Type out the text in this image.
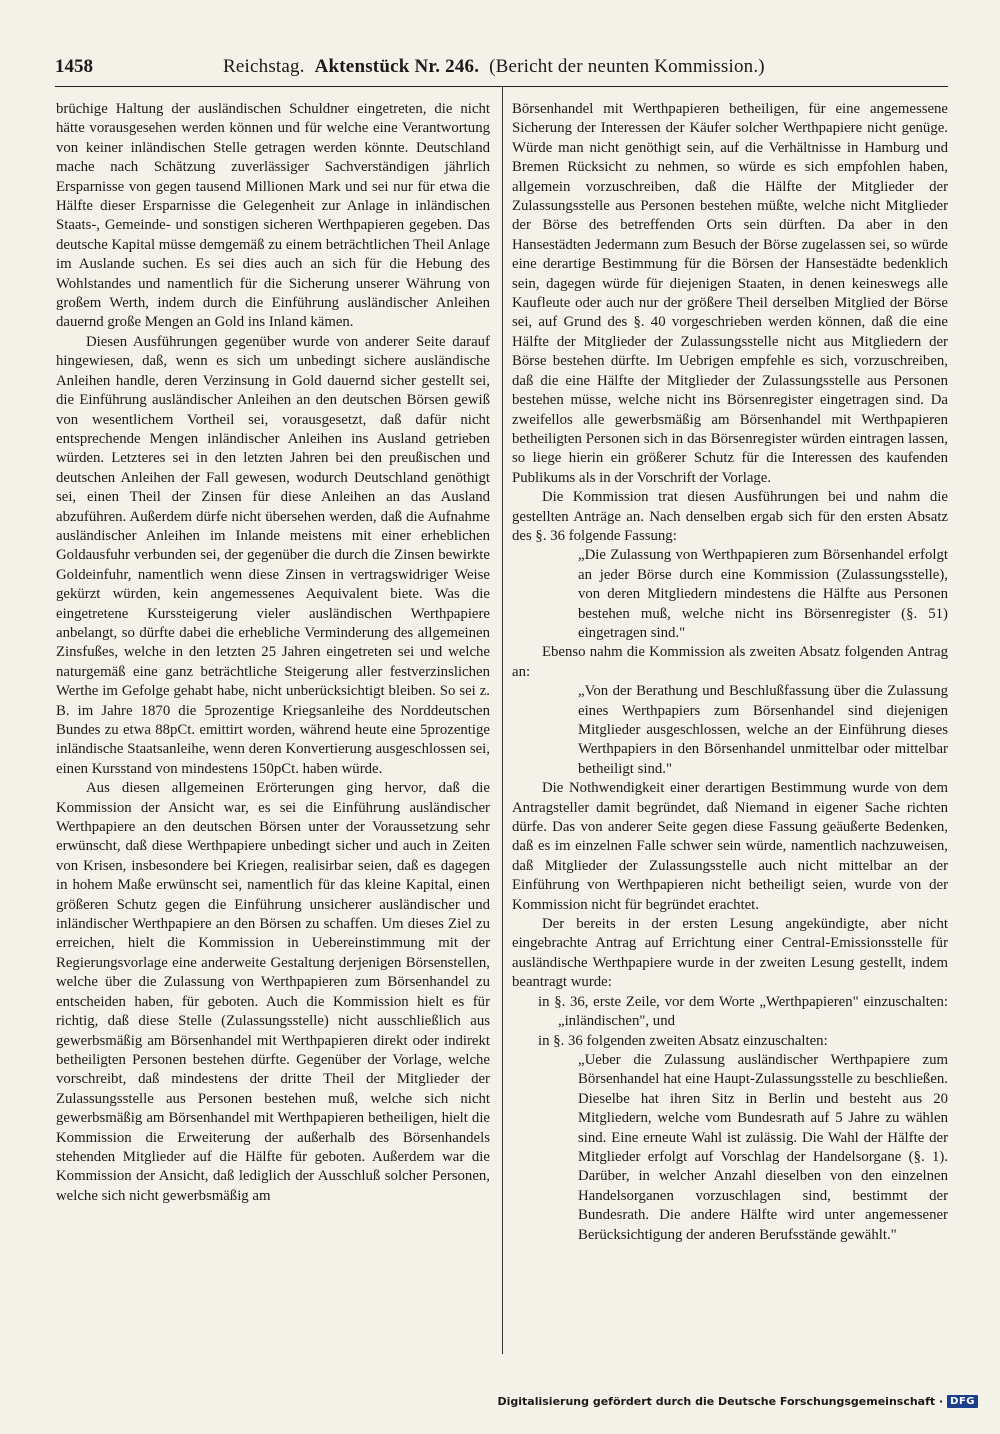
1458	Reichstag. Aktenstück Nr. 246. (Bericht der neunten Kommission.)

brüchige Haltung der ausländischen Schuldner eingetreten, die nicht hätte vorausgesehen werden können und für welche eine Verantwortung von keiner inländischen Stelle getragen werden könnte. Deutschland mache nach Schätzung zuverlässiger Sachverständigen jährlich Ersparnisse von gegen tausend Millionen Mark und sei nur für etwa die Hälfte dieser Ersparnisse die Gelegenheit zur Anlage in inländischen Staats-, Gemeinde- und sonstigen sicheren Werthpapieren gegeben. Das deutsche Kapital müsse demgemäß zu einem beträchtlichen Theil Anlage im Auslande suchen. Es sei dies auch an sich für die Hebung des Wohlstandes und namentlich für die Sicherung unserer Währung von großem Werth, indem durch die Einführung ausländischer Anleihen dauernd große Mengen an Gold ins Inland kämen.

Diesen Ausführungen gegenüber wurde von anderer Seite darauf hingewiesen, daß, wenn es sich um unbedingt sichere ausländische Anleihen handle, deren Verzinsung in Gold dauernd sicher gestellt sei, die Einführung ausländischer Anleihen an den deutschen Börsen gewiß von wesentlichem Vortheil sei, vorausgesetzt, daß dafür nicht entsprechende Mengen inländischer Anleihen ins Ausland getrieben würden. Letzteres sei in den letzten Jahren bei den preußischen und deutschen Anleihen der Fall gewesen, wodurch Deutschland genöthigt sei, einen Theil der Zinsen für diese Anleihen an das Ausland abzuführen. Außerdem dürfe nicht übersehen werden, daß die Aufnahme ausländischer Anleihen im Inlande meistens mit einer erheblichen Goldausfuhr verbunden sei, der gegenüber die durch die Zinsen bewirkte Goldeinfuhr, namentlich wenn diese Zinsen in vertragswidriger Weise gekürzt würden, kein angemessenes Aequivalent biete. Was die eingetretene Kurssteigerung vieler ausländischen Werthpapiere anbelangt, so dürfte dabei die erhebliche Verminderung des allgemeinen Zinsfußes, welche in den letzten 25 Jahren eingetreten sei und welche naturgemäß eine ganz beträchtliche Steigerung aller festverzinslichen Werthe im Gefolge gehabt habe, nicht unberücksichtigt bleiben. So sei z. B. im Jahre 1870 die 5prozentige Kriegsanleihe des Norddeutschen Bundes zu etwa 88pCt. emittirt worden, während heute eine 5prozentige inländische Staatsanleihe, wenn deren Konvertierung ausgeschlossen sei, einen Kursstand von mindestens 150pCt. haben würde.

Aus diesen allgemeinen Erörterungen ging hervor, daß die Kommission der Ansicht war, es sei die Einführung ausländischer Werthpapiere an den deutschen Börsen unter der Voraussetzung sehr erwünscht, daß diese Werthpapiere unbedingt sicher und auch in Zeiten von Krisen, insbesondere bei Kriegen, realisirbar seien, daß es dagegen in hohem Maße erwünscht sei, namentlich für das kleine Kapital, einen größeren Schutz gegen die Einführung unsicherer ausländischer und inländischer Werthpapiere an den Börsen zu schaffen. Um dieses Ziel zu erreichen, hielt die Kommission in Uebereinstimmung mit der Regierungsvorlage eine anderweite Gestaltung derjenigen Börsenstellen, welche über die Zulassung von Werthpapieren zum Börsenhandel zu entscheiden haben, für geboten. Auch die Kommission hielt es für richtig, daß diese Stelle (Zulassungsstelle) nicht ausschließlich aus gewerbsmäßig am Börsenhandel mit Werthpapieren direkt oder indirekt betheiligten Personen bestehen dürfte. Gegenüber der Vorlage, welche vorschreibt, daß mindestens der dritte Theil der Mitglieder der Zulassungsstelle aus Personen bestehen muß, welche sich nicht gewerbsmäßig am Börsenhandel mit Werthpapieren betheiligen, hielt die Kommission die Erweiterung der außerhalb des Börsenhandels stehenden Mitglieder auf die Hälfte für geboten. Außerdem war die Kommission der Ansicht, daß lediglich der Ausschluß solcher Personen, welche sich nicht gewerbsmäßig am

Börsenhandel mit Werthpapieren betheiligen, für eine angemessene Sicherung der Interessen der Käufer solcher Werthpapiere nicht genüge. Würde man nicht genöthigt sein, auf die Verhältnisse in Hamburg und Bremen Rücksicht zu nehmen, so würde es sich empfohlen haben, allgemein vorzuschreiben, daß die Hälfte der Mitglieder der Zulassungsstelle aus Personen bestehen müßte, welche nicht Mitglieder der Börse des betreffenden Orts sein dürften. Da aber in den Hansestädten Jedermann zum Besuch der Börse zugelassen sei, so würde eine derartige Bestimmung für die Börsen der Hansestädte bedenklich sein, dagegen würde für diejenigen Staaten, in denen keineswegs alle Kaufleute oder auch nur der größere Theil derselben Mitglied der Börse sei, auf Grund des §. 40 vorgeschrieben werden können, daß die eine Hälfte der Mitglieder der Zulassungsstelle nicht aus Mitgliedern der Börse bestehen dürfte. Im Uebrigen empfehle es sich, vorzuschreiben, daß die eine Hälfte der Mitglieder der Zulassungsstelle aus Personen bestehen müsse, welche nicht ins Börsenregister eingetragen sind. Da zweifellos alle gewerbsmäßig am Börsenhandel mit Werthpapieren betheiligten Personen sich in das Börsenregister würden eintragen lassen, so liege hierin ein größerer Schutz für die Interessen des kaufenden Publikums als in der Vorschrift der Vorlage.

Die Kommission trat diesen Ausführungen bei und nahm die gestellten Anträge an. Nach denselben ergab sich für den ersten Absatz des §. 36 folgende Fassung:

„Die Zulassung von Werthpapieren zum Börsenhandel erfolgt an jeder Börse durch eine Kommission (Zulassungsstelle), von deren Mitgliedern mindestens die Hälfte aus Personen bestehen muß, welche nicht ins Börsenregister (§. 51) eingetragen sind."

Ebenso nahm die Kommission als zweiten Absatz folgenden Antrag an:

„Von der Berathung und Beschlußfassung über die Zulassung eines Werthpapiers zum Börsenhandel sind diejenigen Mitglieder ausgeschlossen, welche an der Einführung dieses Werthpapiers in den Börsenhandel unmittelbar oder mittelbar betheiligt sind."

Die Nothwendigkeit einer derartigen Bestimmung wurde von dem Antragsteller damit begründet, daß Niemand in eigener Sache richten dürfe. Das von anderer Seite gegen diese Fassung geäußerte Bedenken, daß es im einzelnen Falle schwer sein würde, namentlich nachzuweisen, daß Mitglieder der Zulassungsstelle auch nicht mittelbar an der Einführung von Werthpapieren nicht betheiligt seien, wurde von der Kommission nicht für begründet erachtet.

Der bereits in der ersten Lesung angekündigte, aber nicht eingebrachte Antrag auf Errichtung einer Central-Emissionsstelle für ausländische Werthpapiere wurde in der zweiten Lesung gestellt, indem beantragt wurde:

in §. 36, erste Zeile, vor dem Worte „Werthpapieren" einzuschalten: „inländischen", und

in §. 36 folgenden zweiten Absatz einzuschalten:

„Ueber die Zulassung ausländischer Werthpapiere zum Börsenhandel hat eine Haupt-Zulassungsstelle zu beschließen. Dieselbe hat ihren Sitz in Berlin und besteht aus 20 Mitgliedern, welche vom Bundesrath auf 5 Jahre zu wählen sind. Eine erneute Wahl ist zulässig. Die Wahl der Hälfte der Mitglieder erfolgt auf Vorschlag der Handelsorgane (§. 1). Darüber, in welcher Anzahl dieselben von den einzelnen Handelsorganen vorzuschlagen sind, bestimmt der Bundesrath. Die andere Hälfte wird unter angemessener Berücksichtigung der anderen Berufsstände gewählt."

Digitalisierung gefördert durch die Deutsche Forschungsgemeinschaft · DFG
